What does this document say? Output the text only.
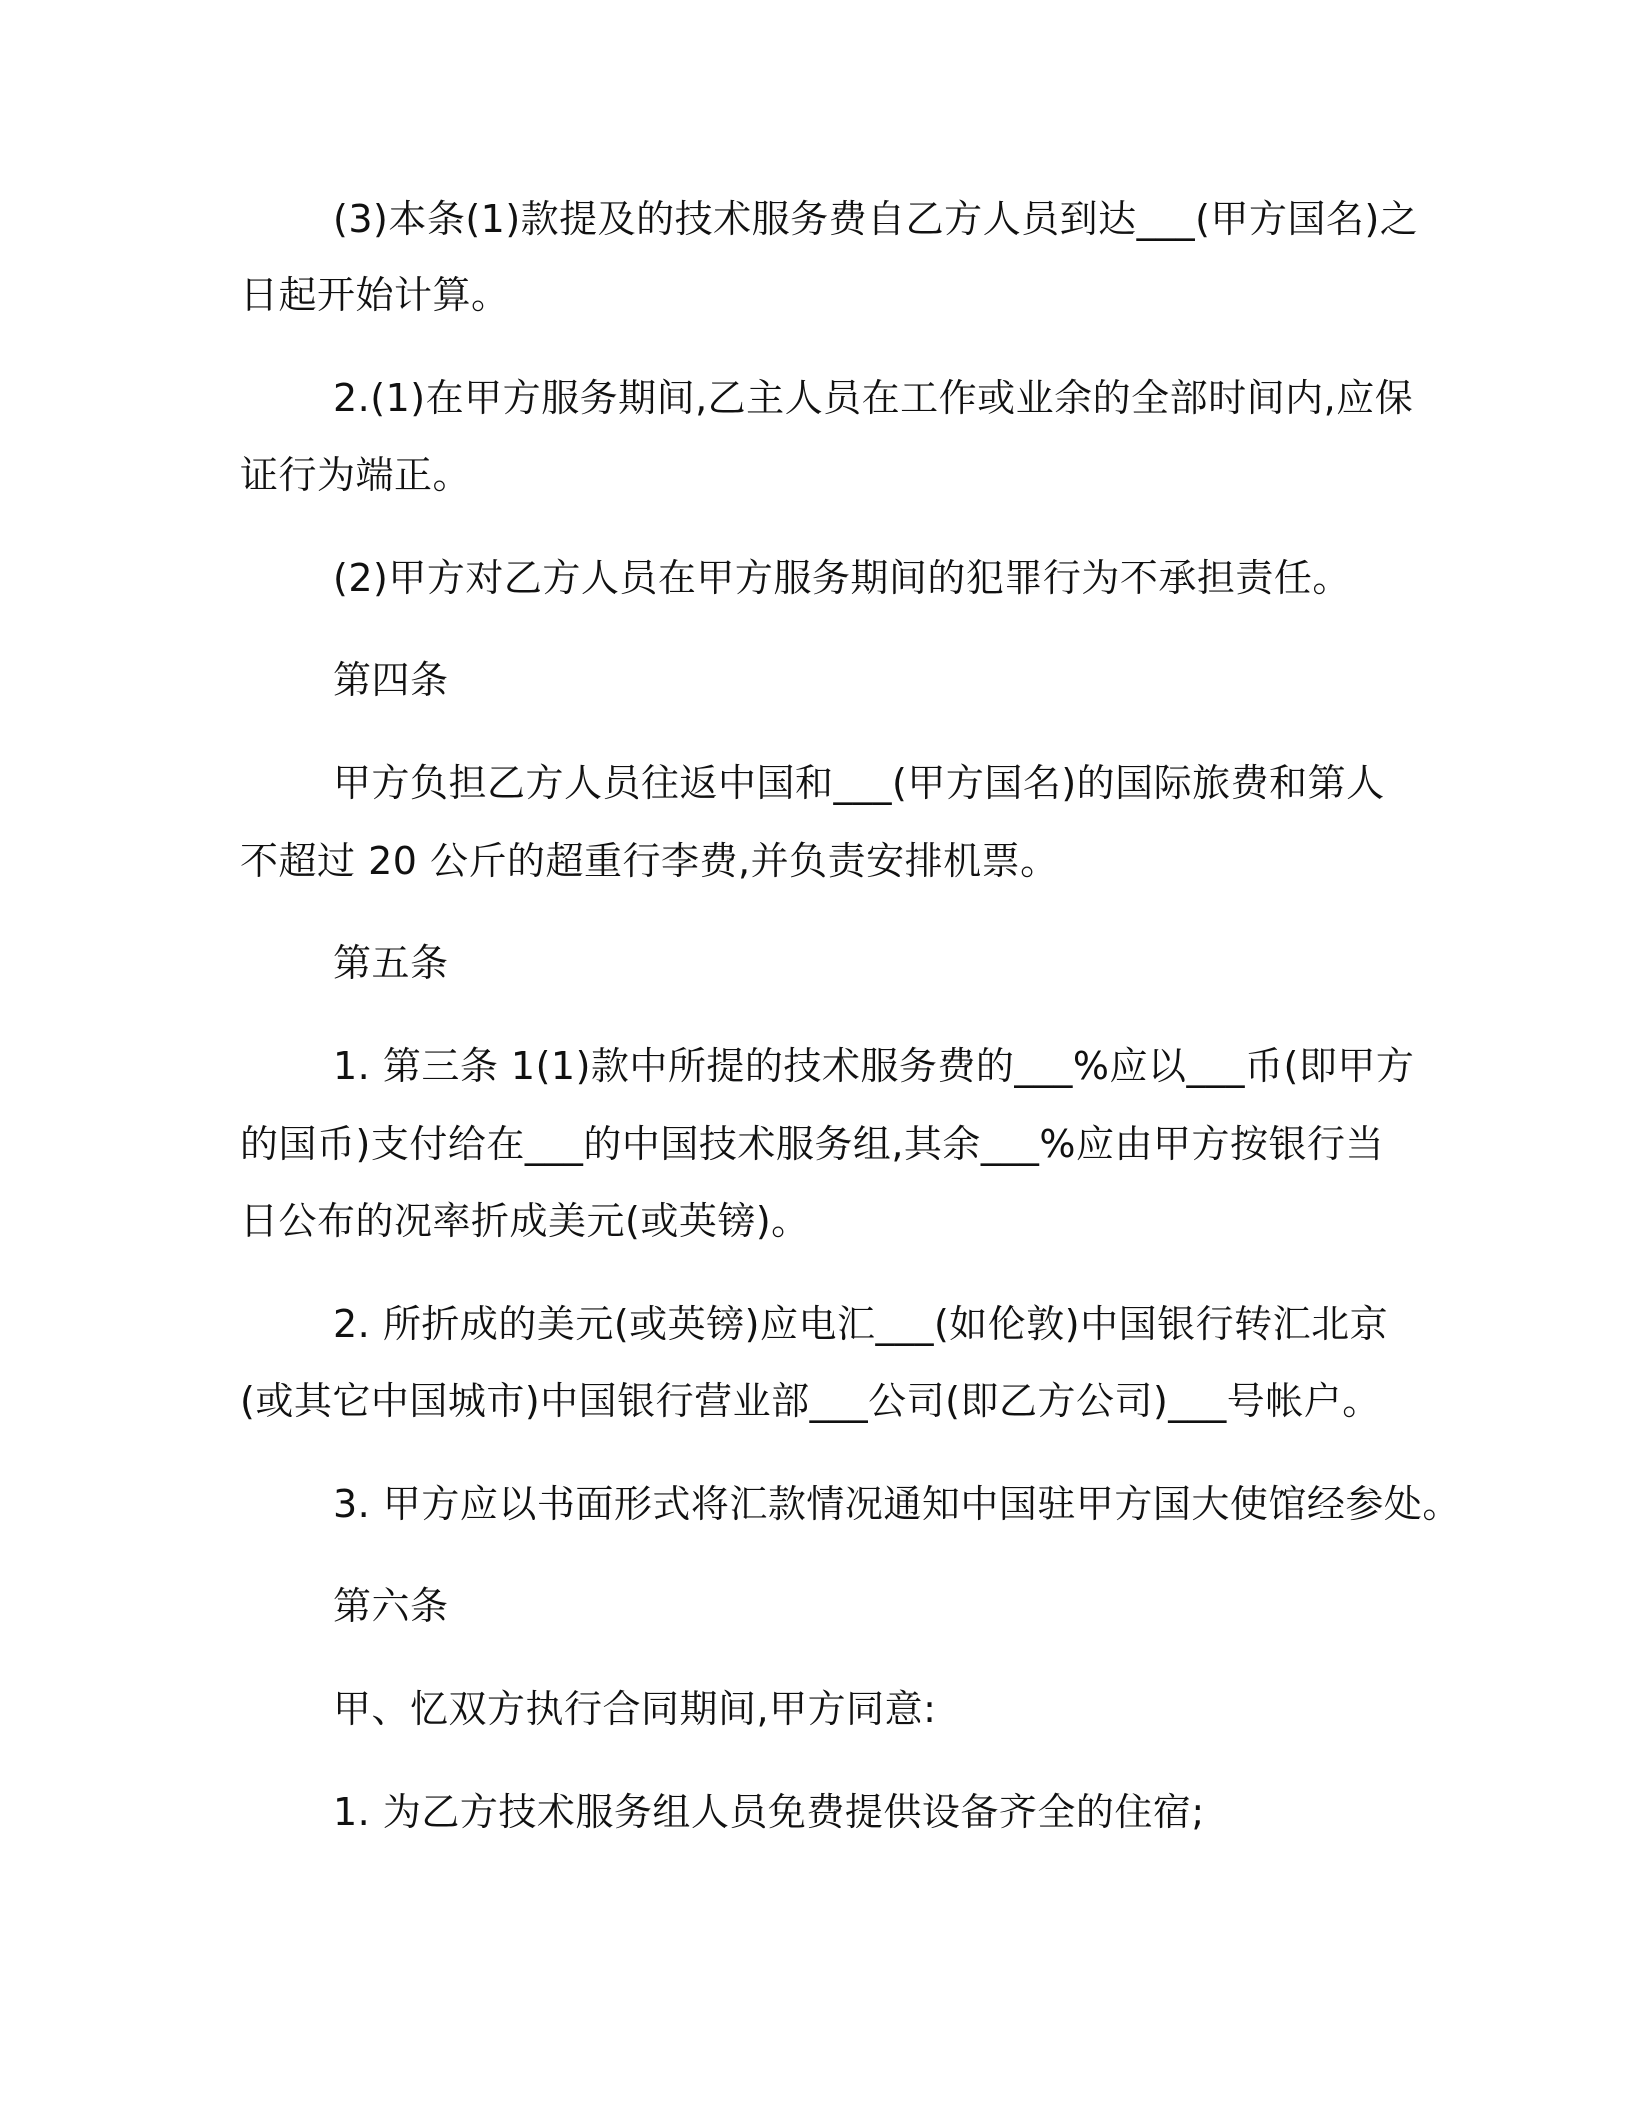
(3)本条(1)款提及的技术服务费自乙方人员到达___(甲方国名)之
日起开始计算。
2.(1)在甲方服务期间,乙主人员在工作或业余的全部时间内,应保
证行为端正。
(2)甲方对乙方人员在甲方服务期间的犯罪行为不承担责任。
第四条
甲方负担乙方人员往返中国和___(甲方国名)的国际旅费和第人
不超过 20 公斤的超重行李费,并负责安排机票。
第五条
1. 第三条 1(1)款中所提的技术服务费的___%应以___币(即甲方
的国币)支付给在___的中国技术服务组,其余___%应由甲方按银行当
日公布的况率折成美元(或英镑)。
2. 所折成的美元(或英镑)应电汇___(如伦敦)中国银行转汇北京
(或其它中国城市)中国银行营业部___公司(即乙方公司)___号帐户。
3. 甲方应以书面形式将汇款情况通知中国驻甲方国大使馆经参处。
第六条
甲、忆双方执行合同期间,甲方同意:
1. 为乙方技术服务组人员免费提供设备齐全的住宿;
